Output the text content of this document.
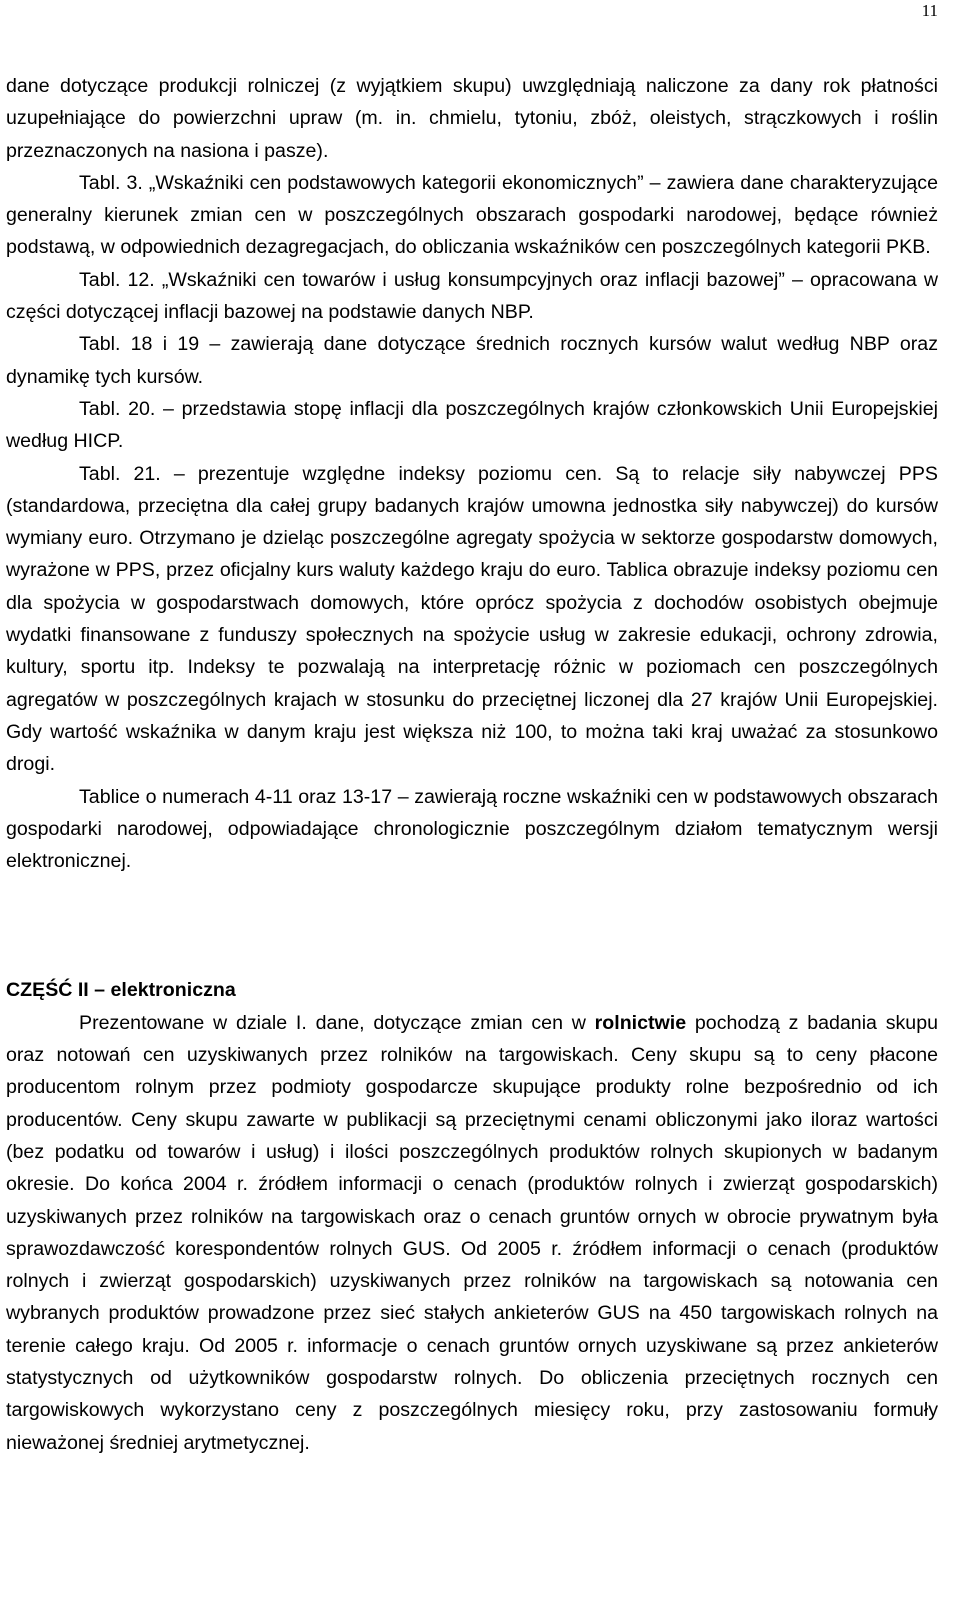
11

dane dotyczące produkcji rolniczej (z wyjątkiem skupu) uwzględniają naliczone za dany rok płatności uzupełniające do powierzchni upraw (m. in. chmielu, tytoniu, zbóż, oleistych, strączkowych i roślin przeznaczonych na nasiona i pasze).

Tabl. 3. „Wskaźniki cen podstawowych kategorii ekonomicznych” – zawiera dane charakteryzujące generalny kierunek zmian cen w poszczególnych obszarach gospodarki narodowej, będące również podstawą, w odpowiednich dezagregacjach, do obliczania wskaźników cen poszczególnych kategorii PKB.

Tabl. 12. „Wskaźniki cen towarów i usług konsumpcyjnych oraz inflacji bazowej” – opracowana w części dotyczącej inflacji bazowej na podstawie danych NBP.

Tabl. 18 i 19 – zawierają dane dotyczące średnich rocznych kursów walut według NBP oraz dynamikę tych kursów.

Tabl. 20. – przedstawia stopę inflacji dla poszczególnych krajów członkowskich Unii Europejskiej według HICP.

Tabl. 21. – prezentuje względne indeksy poziomu cen. Są to relacje siły nabywczej PPS (standardowa, przeciętna dla całej grupy badanych krajów umowna jednostka siły nabywczej) do kursów wymiany euro. Otrzymano je dzieląc poszczególne agregaty spożycia w sektorze gospodarstw domowych, wyrażone w PPS, przez oficjalny kurs waluty każdego kraju do euro. Tablica obrazuje indeksy poziomu cen dla spożycia w gospodarstwach domowych, które oprócz spożycia z dochodów osobistych obejmuje wydatki finansowane z funduszy społecznych na spożycie usług w zakresie edukacji, ochrony zdrowia, kultury, sportu itp. Indeksy te pozwalają na interpretację różnic w poziomach cen poszczególnych agregatów w poszczególnych krajach w stosunku do przeciętnej liczonej dla 27 krajów Unii Europejskiej. Gdy wartość wskaźnika w danym kraju jest większa niż 100, to można taki kraj uważać za stosunkowo drogi.

Tablice o numerach 4-11 oraz 13-17 – zawierają roczne wskaźniki cen w podstawowych obszarach gospodarki narodowej, odpowiadające chronologicznie poszczególnym działom tematycznym wersji elektronicznej.

CZĘŚĆ II – elektroniczna

Prezentowane w dziale I. dane, dotyczące zmian cen w rolnictwie pochodzą z badania skupu oraz notowań cen uzyskiwanych przez rolników na targowiskach. Ceny skupu są to ceny płacone producentom rolnym przez podmioty gospodarcze skupujące produkty rolne bezpośrednio od ich producentów. Ceny skupu zawarte w publikacji są przeciętnymi cenami obliczonymi jako iloraz wartości (bez podatku od towarów i usług) i ilości poszczególnych produktów rolnych skupionych w badanym okresie. Do końca 2004 r. źródłem informacji o cenach (produktów rolnych i zwierząt gospodarskich) uzyskiwanych przez rolników na targowiskach oraz o cenach gruntów ornych w obrocie prywatnym była sprawozdawczość korespondentów rolnych GUS. Od 2005 r. źródłem informacji o cenach (produktów rolnych i zwierząt gospodarskich) uzyskiwanych przez rolników na targowiskach są notowania cen wybranych produktów prowadzone przez sieć stałych ankieterów GUS na 450 targowiskach rolnych na terenie całego kraju. Od 2005 r. informacje o cenach gruntów ornych uzyskiwane są przez ankieterów statystycznych od użytkowników gospodarstw rolnych. Do obliczenia przeciętnych rocznych cen targowiskowych wykorzystano ceny z poszczególnych miesięcy roku, przy zastosowaniu formuły nieważonej średniej arytmetycznej.
